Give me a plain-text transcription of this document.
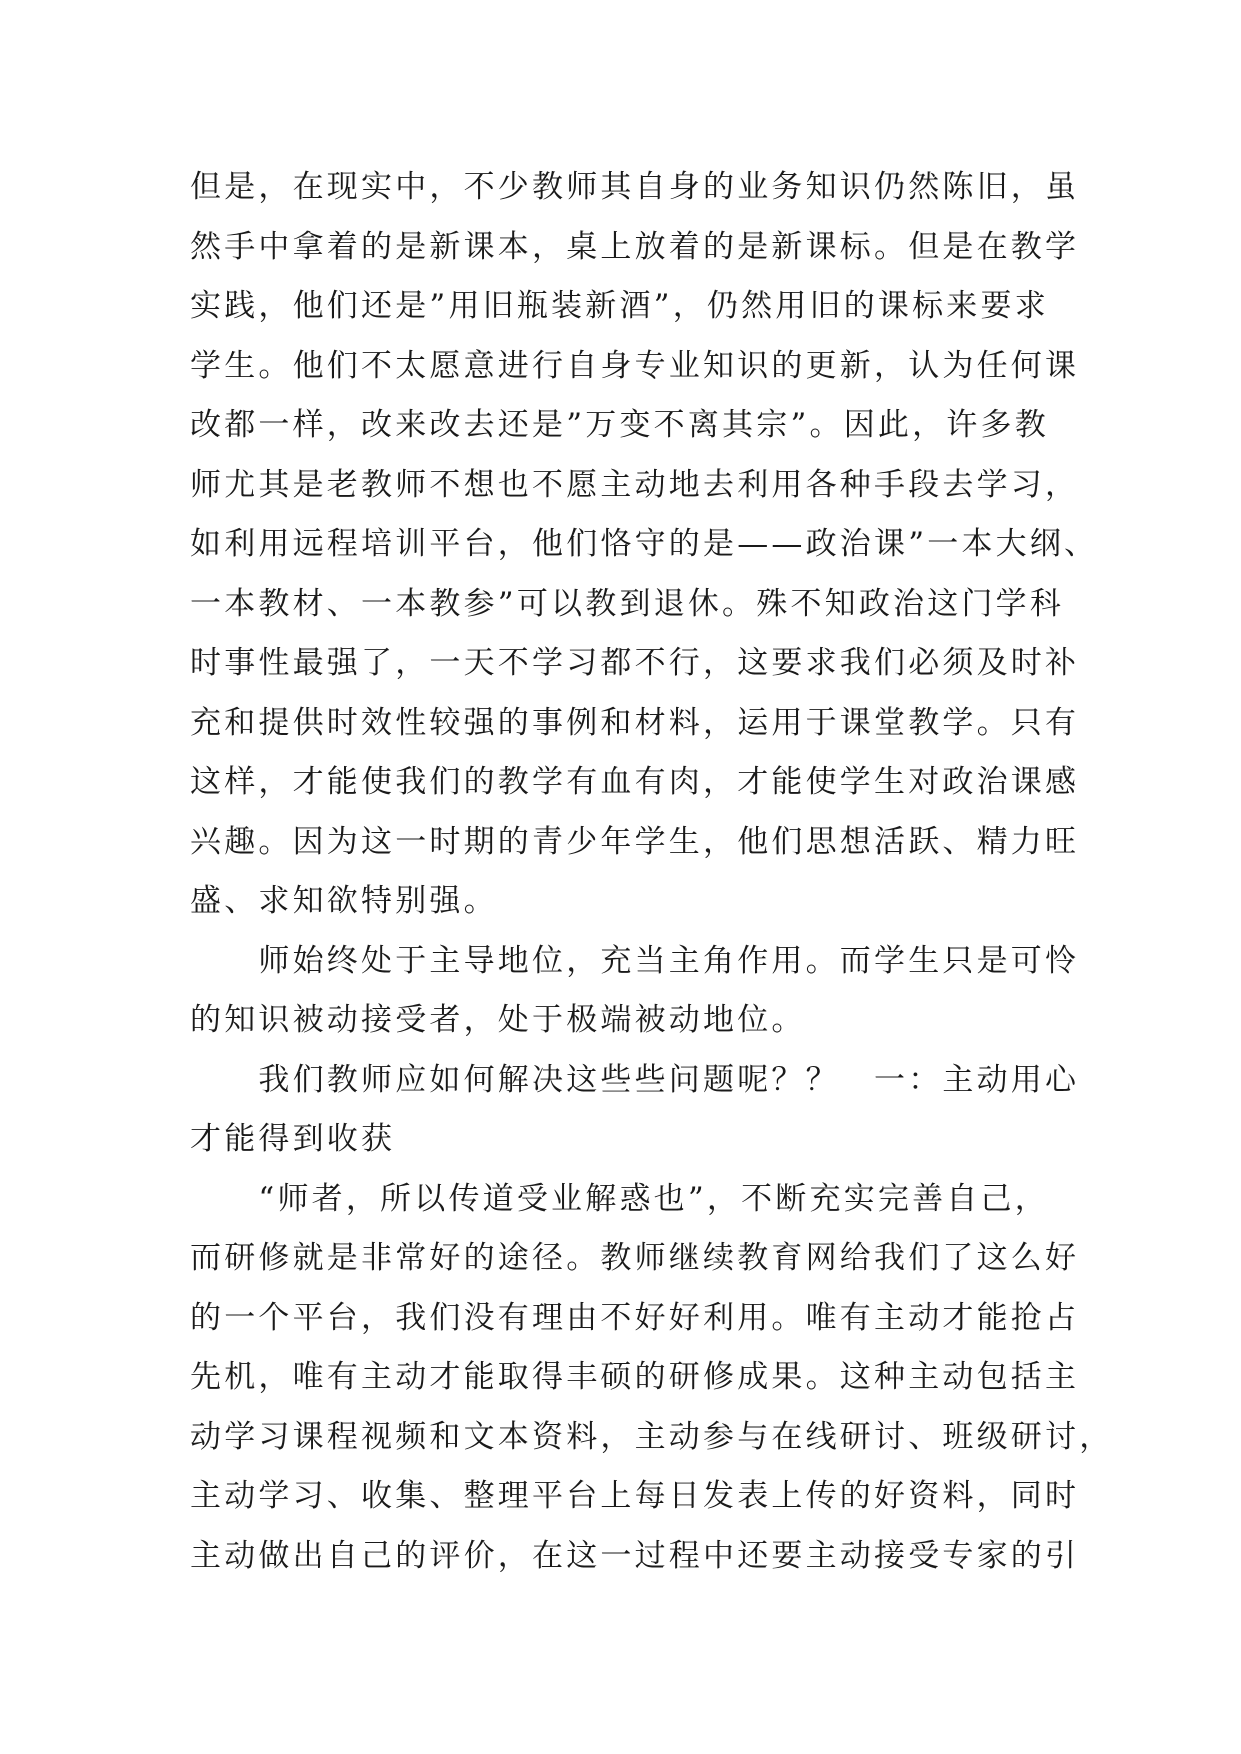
但是，在现实中，不少教师其自身的业务知识仍然陈旧，虽
然手中拿着的是新课本，桌上放着的是新课标。但是在教学
实践，他们还是”用旧瓶装新酒”，仍然用旧的课标来要求
学生。他们不太愿意进行自身专业知识的更新，认为任何课
改都一样，改来改去还是”万变不离其宗”。因此，许多教
师尤其是老教师不想也不愿主动地去利用各种手段去学习，
如利用远程培训平台，他们恪守的是——政治课”一本大纲、
一本教材、一本教参”可以教到退休。殊不知政治这门学科
时事性最强了，一天不学习都不行，这要求我们必须及时补
充和提供时效性较强的事例和材料，运用于课堂教学。只有
这样，才能使我们的教学有血有肉，才能使学生对政治课感
兴趣。因为这一时期的青少年学生，他们思想活跃、精力旺
盛、求知欲特别强。
　　师始终处于主导地位，充当主角作用。而学生只是可怜
的知识被动接受者，处于极端被动地位。
　　我们教师应如何解决这些些问题呢？？　一：主动用心
才能得到收获
　　“师者，所以传道受业解惑也”，不断充实完善自己，
而研修就是非常好的途径。教师继续教育网给我们了这么好
的一个平台，我们没有理由不好好利用。唯有主动才能抢占
先机，唯有主动才能取得丰硕的研修成果。这种主动包括主
动学习课程视频和文本资料，主动参与在线研讨、班级研讨，
主动学习、收集、整理平台上每日发表上传的好资料，同时
主动做出自己的评价，在这一过程中还要主动接受专家的引
